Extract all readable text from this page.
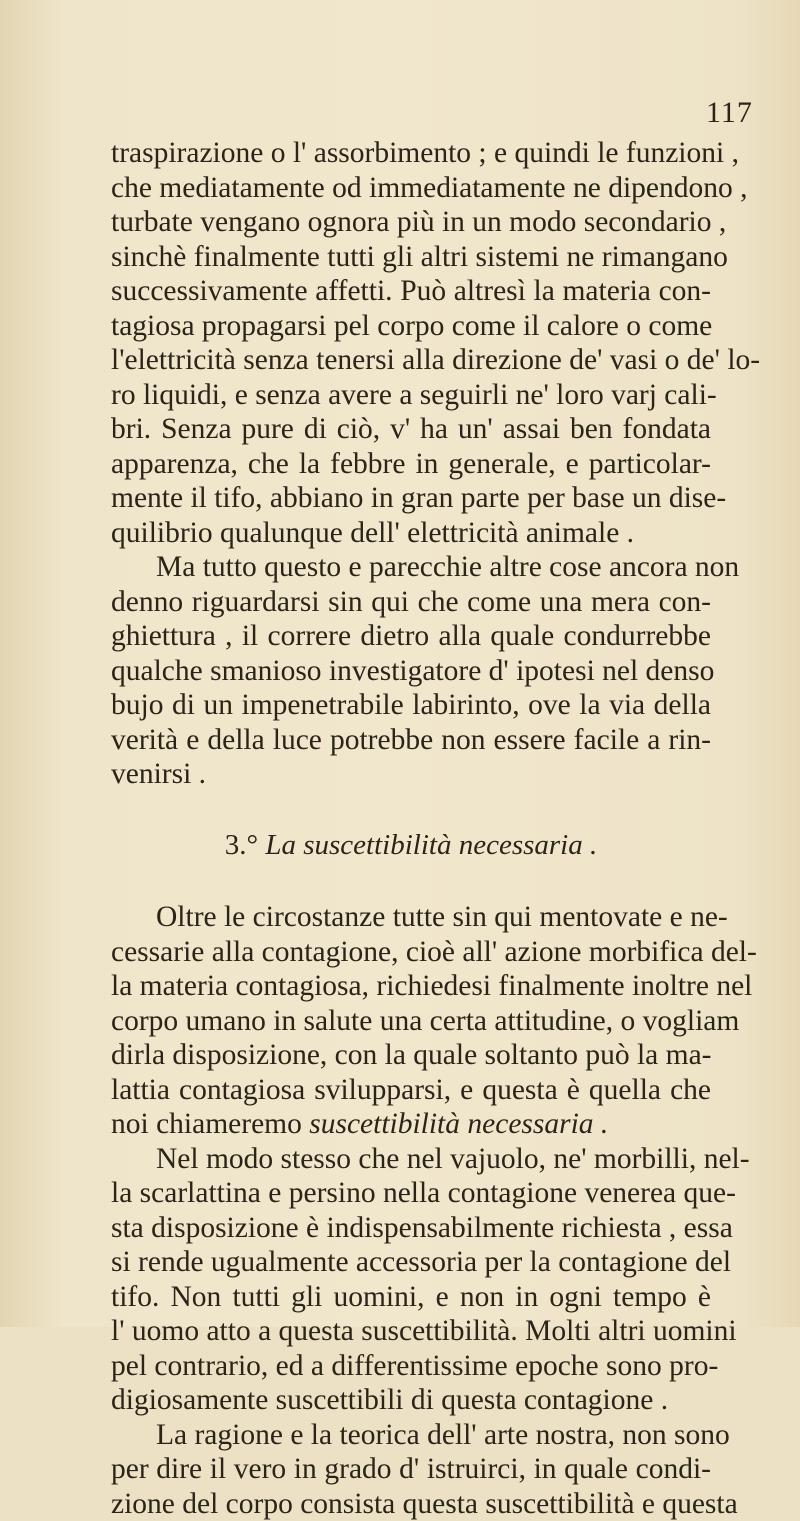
117
traspirazione o l' assorbimento ; e quindi le funzioni ,
che mediatamente od immediatamente ne dipendono ,
turbate vengano ognora più in un modo secondario ,
sinchè finalmente tutti gli altri sistemi ne rimangano
successivamente affetti. Può altresì la materia con-
tagiosa propagarsi pel corpo come il calore o come
l'elettricità senza tenersi alla direzione de' vasi o de' lo-
ro liquidi, e senza avere a seguirli ne' loro varj cali-
bri. Senza pure di ciò, v' ha un' assai ben fondata
apparenza, che la febbre in generale, e particolar-
mente il tifo, abbiano in gran parte per base un dise-
quilibrio qualunque dell' elettricità animale .
Ma tutto questo e parecchie altre cose ancora non
denno riguardarsi sin qui che come una mera con-
ghiettura , il correre dietro alla quale condurrebbe
qualche smanioso investigatore d' ipotesi nel denso
bujo di un impenetrabile labirinto, ove la via della
verità e della luce potrebbe non essere facile a rin-
venirsi .
3.° La suscettibilità necessaria .
Oltre le circostanze tutte sin qui mentovate e ne-
cessarie alla contagione, cioè all' azione morbifica del-
la materia contagiosa, richiedesi finalmente inoltre nel
corpo umano in salute una certa attitudine, o vogliam
dirla disposizione, con la quale soltanto può la ma-
lattia contagiosa svilupparsi, e questa è quella che
noi chiameremo suscettibilità necessaria .
Nel modo stesso che nel vajuolo, ne' morbilli, nel-
la scarlattina e persino nella contagione venerea que-
sta disposizione è indispensabilmente richiesta , essa
si rende ugualmente accessoria per la contagione del
tifo. Non tutti gli uomini, e non in ogni tempo è
l' uomo atto a questa suscettibilità. Molti altri uomini
pel contrario, ed a differentissime epoche sono pro-
digiosamente suscettibili di questa contagione .
La ragione e la teorica dell' arte nostra, non sono
per dire il vero in grado d' istruirci, in quale condi-
zione del corpo consista questa suscettibilità e questa
